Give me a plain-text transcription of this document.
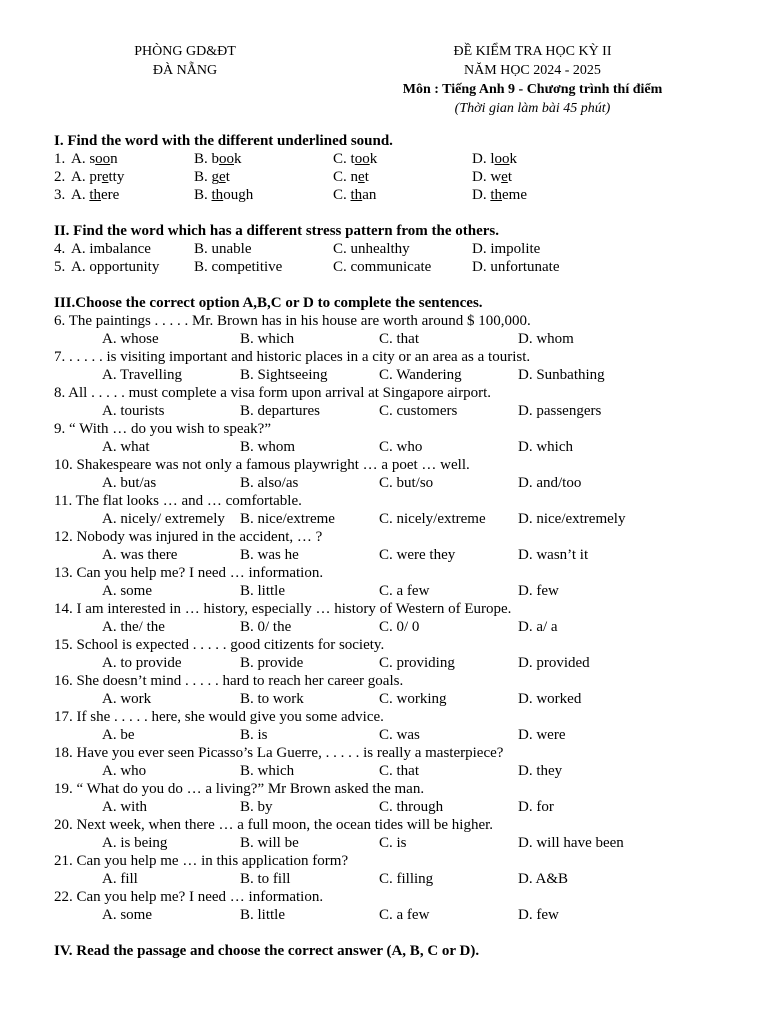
PHÒNG GD&ĐT
ĐÀ NẴNG
ĐỀ KIỂM TRA HỌC KỲ II
NĂM HỌC 2024 - 2025
Môn : Tiếng Anh 9 - Chương trình thí điểm
(Thời gian làm bài 45 phút)
I. Find the word with the different underlined sound.
1. A. soon	B. book	C. took	D. look
2. A. pretty	B. get	C. net	D. wet
3. A. there	B. though	C. than	D. theme
II. Find the word which has a different stress pattern from the others.
4. A. imbalance	B. unable	C. unhealthy	D. impolite
5. A. opportunity B. competitive	C. communicate	D. unfortunate
III.Choose the correct option A,B,C or D to complete the sentences.
6. The paintings . . . . . Mr. Brown has in his house are worth around $ 100,000.
A. whose	B. which	C. that	D. whom
7. . . . . . is visiting important and historic places in a city or an area as a tourist.
A. Travelling	B. Sightseeing	C. Wandering	D. Sunbathing
8. All . . . . . must complete a visa form upon arrival at Singapore airport.
A. tourists	B. departures	C. customers	D. passengers
9. “ With … do you wish to speak?”
A. what	B. whom	C. who	D. which
10. Shakespeare was not only a famous playwright … a poet … well.
A. but/as	B. also/as	C. but/so	D. and/too
11. The flat looks … and … comfortable.
A. nicely/ extremely B. nice/extreme	C. nicely/extreme D. nice/extremely
12. Nobody was injured in the accident, … ?
A. was there	B. was he	C. were they	D. wasn’t it
13. Can you help me? I need … information.
A. some	B. little	C. a few	D. few
14. I am interested in … history, especially … history of Western of Europe.
A. the/ the	B. 0/ the	C. 0/ 0	D. a/ a
15. School is expected . . . . . good citizents for society.
A. to provide	B. provide	C. providing	D. provided
16. She doesn’t mind . . . . . hard to reach her career goals.
A. work	B. to work	C. working	D. worked
17. If she . . . . . here, she would give you some advice.
A. be	B. is	C. was	D. were
18. Have you ever seen Picasso’s La Guerre, . . . . . is really a masterpiece?
A. who	B. which	C. that	D. they
19. “ What do you do … a living?” Mr Brown asked the man.
A. with	B. by	C. through	D. for
20. Next week, when there … a full moon, the ocean tides will be higher.
A. is being	B. will be	C. is	D. will have been
21. Can you help me … in this application form?
A. fill	B. to fill	C. filling	D. A&B
22. Can you help me? I need … information.
A. some	B. little	C. a few	D. few
IV. Read the passage and choose the correct answer (A, B, C or D).
